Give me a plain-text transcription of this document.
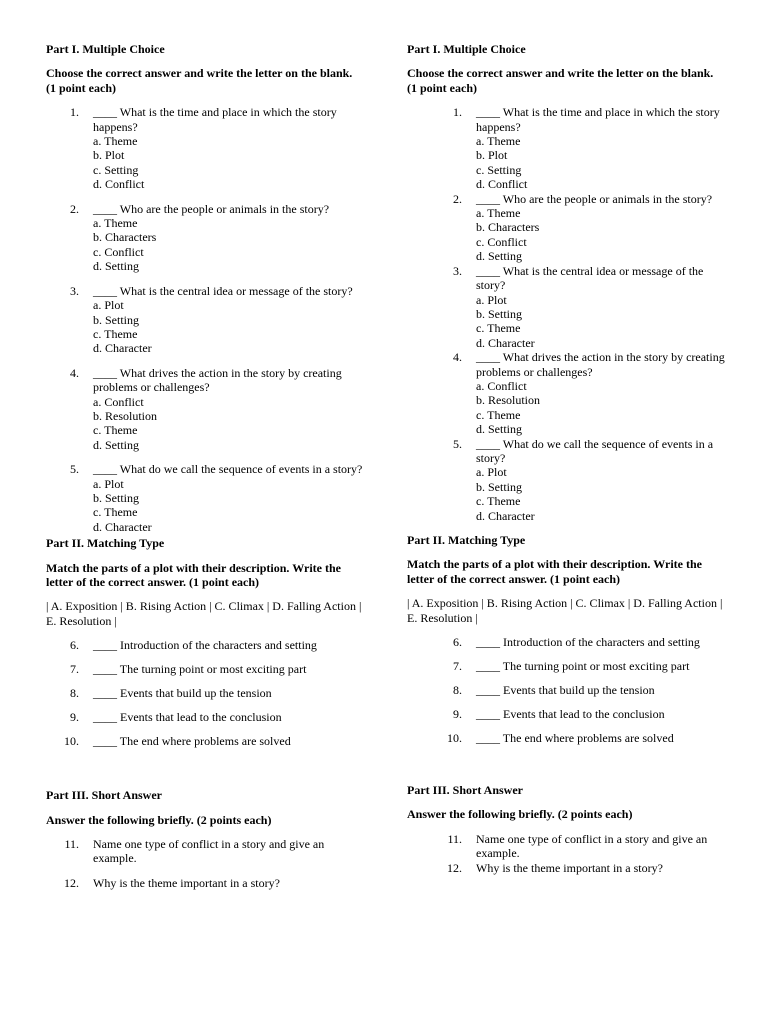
Part I. Multiple Choice
Choose the correct answer and write the letter on the blank. (1 point each)
1. ____ What is the time and place in which the story happens?
a. Theme
b. Plot
c. Setting
d. Conflict
2. ____ Who are the people or animals in the story?
a. Theme
b. Characters
c. Conflict
d. Setting
3. ____ What is the central idea or message of the story?
a. Plot
b. Setting
c. Theme
d. Character
4. ____ What drives the action in the story by creating problems or challenges?
a. Conflict
b. Resolution
c. Theme
d. Setting
5. ____ What do we call the sequence of events in a story?
a. Plot
b. Setting
c. Theme
d. Character
Part II. Matching Type
Match the parts of a plot with their description. Write the letter of the correct answer. (1 point each)
| A. Exposition | B. Rising Action | C. Climax | D. Falling Action | E. Resolution |
6. ____ Introduction of the characters and setting
7. ____ The turning point or most exciting part
8. ____ Events that build up the tension
9. ____ Events that lead to the conclusion
10. ____ The end where problems are solved
Part III. Short Answer
Answer the following briefly. (2 points each)
11. Name one type of conflict in a story and give an example.
12. Why is the theme important in a story?
Part I. Multiple Choice
Choose the correct answer and write the letter on the blank. (1 point each)
1. ____ What is the time and place in which the story happens?
a. Theme
b. Plot
c. Setting
d. Conflict
2. ____ Who are the people or animals in the story?
a. Theme
b. Characters
c. Conflict
d. Setting
3. ____ What is the central idea or message of the story?
a. Plot
b. Setting
c. Theme
d. Character
4. ____ What drives the action in the story by creating problems or challenges?
a. Conflict
b. Resolution
c. Theme
d. Setting
5. ____ What do we call the sequence of events in a story?
a. Plot
b. Setting
c. Theme
d. Character
Part II. Matching Type
Match the parts of a plot with their description. Write the letter of the correct answer. (1 point each)
| A. Exposition | B. Rising Action | C. Climax | D. Falling Action | E. Resolution |
6. ____ Introduction of the characters and setting
7. ____ The turning point or most exciting part
8. ____ Events that build up the tension
9. ____ Events that lead to the conclusion
10. ____ The end where problems are solved
Part III. Short Answer
Answer the following briefly. (2 points each)
11. Name one type of conflict in a story and give an example.
12. Why is the theme important in a story?
